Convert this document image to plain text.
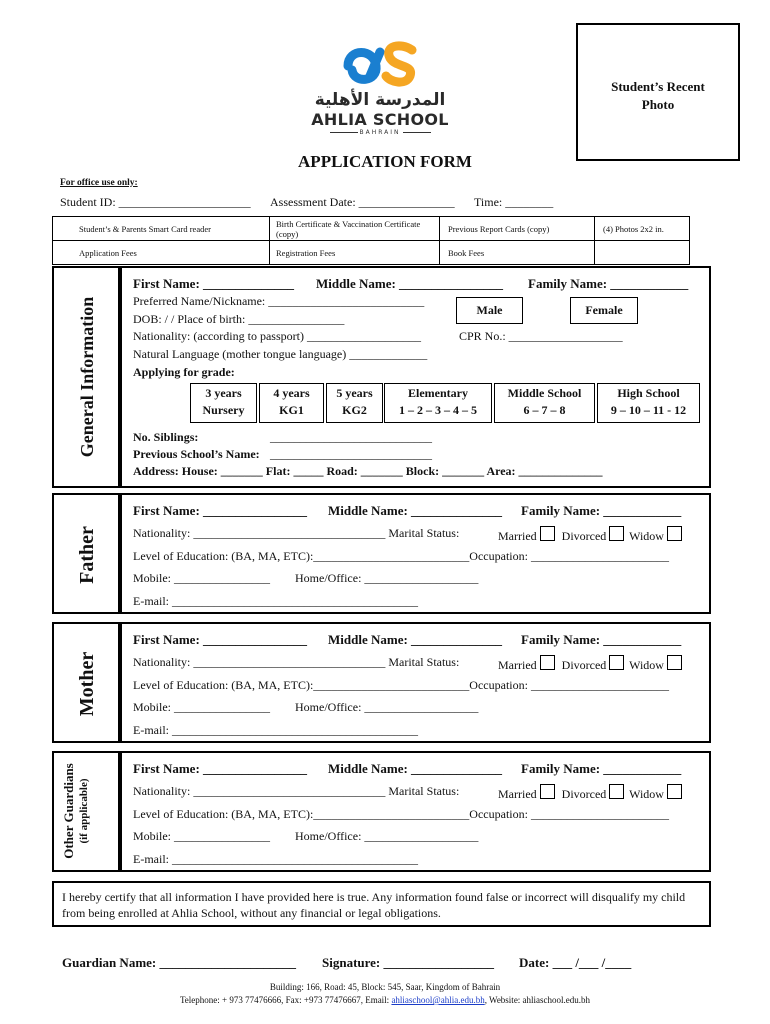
المدرسة الأهلية
AHLIA SCHOOL
BAHRAIN
Student’s Recent
Photo
APPLICATION FORM
For office use only:
Student ID: ______________________ Assessment Date: ________________ Time: ________
Student’s & Parents Smart Card reader	Birth Certificate & Vaccination Certificate (copy)	Previous Report Cards (copy)	(4) Photos 2x2 in.
Application Fees	Registration Fees	Book Fees	
General Information
First Name: ______________ Middle Name: ________________ Family Name: ____________
Preferred Name/Nickname: __________________________
DOB: / / Place of birth: ________________
Male	Female
Nationality: (according to passport) ___________________	CPR No.: ___________________
Natural Language (mother tongue language) _____________
Applying for grade:
3 years
Nursery
4 years
KG1
5 years
KG2
Elementary
1 – 2 – 3 – 4 – 5
Middle School
6 – 7 – 8
High School
9 – 10 – 11 - 12
No. Siblings:	___________________________
Previous School’s Name: ___________________________
Address: House: _______ Flat: _____ Road: _______ Block: _______ Area: ______________
Father
First Name: ________________ Middle Name: ______________ Family Name: ____________
Nationality: ________________________________ Marital Status:	Married Divorced Widow
Level of Education: (BA, MA, ETC):__________________________Occupation: _______________________
Mobile: ________________ Home/Office: ___________________
E-mail: _________________________________________
Mother
First Name: ________________ Middle Name: ______________ Family Name: ____________
Nationality: ________________________________ Marital Status:	Married Divorced Widow
Level of Education: (BA, MA, ETC):__________________________Occupation: _______________________
Mobile: ________________ Home/Office: ___________________
E-mail: _________________________________________
Other Guardians (if applicable)
First Name: ________________ Middle Name: ______________ Family Name: ____________
Nationality: ________________________________ Marital Status:	Married Divorced Widow
Level of Education: (BA, MA, ETC):__________________________Occupation: _______________________
Mobile: ________________ Home/Office: ___________________
E-mail: _________________________________________
I hereby certify that all information I have provided here is true. Any information found false or incorrect will disqualify my child from being enrolled at Ahlia School, without any financial or legal obligations.
Guardian Name: _____________________ Signature: _________________ Date: ___ /___ /____
Building: 166, Road: 45, Block: 545, Saar, Kingdom of Bahrain
Telephone: + 973 77476666, Fax: +973 77476667, Email: ahliaschool@ahlia.edu.bh, Website: ahliaschool.edu.bh
